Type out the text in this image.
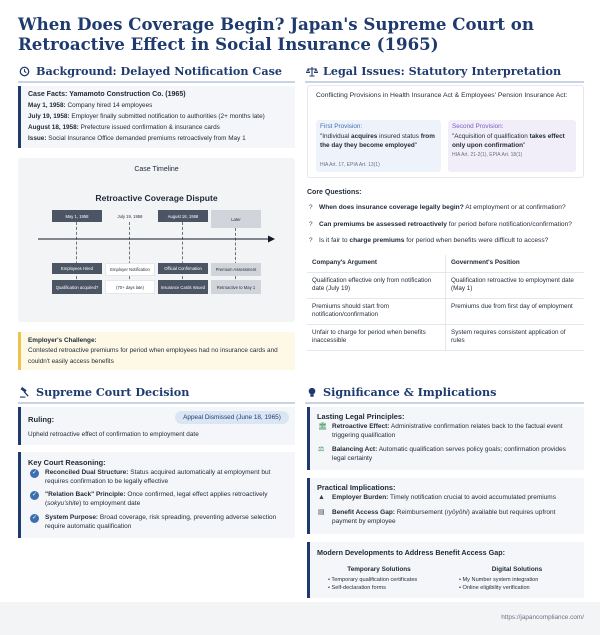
When Does Coverage Begin? Japan's Supreme Court on Retroactive Effect in Social Insurance (1965)
Background: Delayed Notification Case
Case Facts: Yamamoto Construction Co. (1965)
May 1, 1958: Company hired 14 employees
July 19, 1958: Employer finally submitted notification to authorities (2+ months late)
August 18, 1958: Prefecture issued confirmation & insurance cards
Issue: Social Insurance Office demanded premiums retroactively from May 1
Case Timeline
Retroactive Coverage Dispute
May 1, 1958	July 19, 1958	August 18, 1958
Later
Employees Hired	Employer Notification	Official Confirmation	Premium Assessment
Qualification acquired?	(70+ days late)	Insurance Cards Issued	Retroactive to May 1
Employer's Challenge:
Contested retroactive premiums for period when employees had no insurance cards and couldn't easily access benefits
Legal Issues: Statutory Interpretation
Conflicting Provisions in Health Insurance Act & Employees' Pension Insurance Act:
First Provision:
"Individual acquires insured status from the day they become employed"
HIA Art. 17, EPIA Art. 13(1)
Second Provision:
"Acquisition of qualification takes effect only upon confirmation"
HIA Art. 21-2(1), EPIA Art. 18(1)
Core Questions:
? When does insurance coverage legally begin? At employment or at confirmation?
? Can premiums be assessed retroactively for period before notification/confirmation?
? Is it fair to charge premiums for period when benefits were difficult to access?
Company's Argument	Government's Position
Qualification effective only from notification date (July 19)	Qualification retroactive to employment date (May 1)
Premiums should start from notification/confirmation	Premiums due from first day of employment
Unfair to charge for period when benefits inaccessible	System requires consistent application of rules
Supreme Court Decision
Ruling:	Appeal Dismissed (June 18, 1965)
Upheld retroactive effect of confirmation to employment date
Key Court Reasoning:
✓	Reconciled Dual Structure: Status acquired automatically at employment but requires confirmation to be legally effective
✓	"Relation Back" Principle: Once confirmed, legal effect applies retroactively (sokyu'shite) to employment date
✓	System Purpose: Broad coverage, risk spreading, preventing adverse selection require automatic qualification
Significance & Implications
Lasting Legal Principles:
🏛 Retroactive Effect: Administrative confirmation relates back to the factual event triggering qualification
⚖	Balancing Act: Automatic qualification serves policy goals; confirmation provides legal certainty
Practical Implications:
▲	Employer Burden: Timely notification crucial to avoid accumulated premiums
▤	Benefit Access Gap: Reimbursement (ryōyōhi) available but requires upfront payment by employee
Modern Developments to Address Benefit Access Gap:
Temporary Solutions
• Temporary qualification certificates
• Self-declaration forms
Digital Solutions
• My Number system integration
• Online eligibility verification
https://japancompliance.com/
